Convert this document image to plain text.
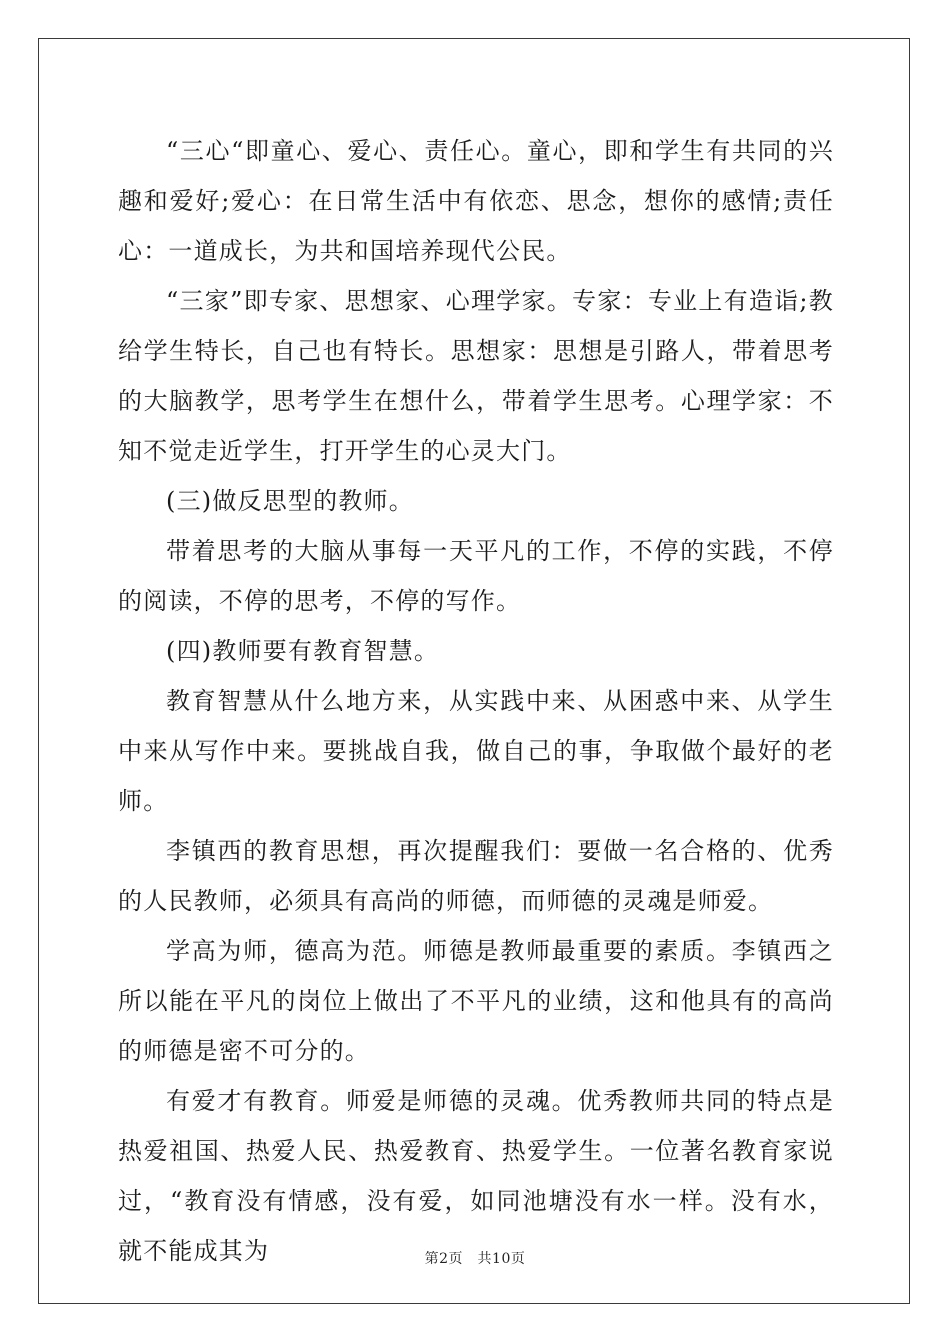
“三心“即童心、爱心、责任心。童心，即和学生有共同的兴趣和爱好;爱心：在日常生活中有依恋、思念，想你的感情;责任心：一道成长，为共和国培养现代公民。

“三家”即专家、思想家、心理学家。专家：专业上有造诣;教给学生特长，自己也有特长。思想家：思想是引路人，带着思考的大脑教学，思考学生在想什么，带着学生思考。心理学家：不知不觉走近学生，打开学生的心灵大门。

(三)做反思型的教师。

带着思考的大脑从事每一天平凡的工作，不停的实践，不停的阅读，不停的思考，不停的写作。

(四)教师要有教育智慧。

教育智慧从什么地方来，从实践中来、从困惑中来、从学生中来从写作中来。要挑战自我，做自己的事，争取做个最好的老师。

李镇西的教育思想，再次提醒我们：要做一名合格的、优秀的人民教师，必须具有高尚的师德，而师德的灵魂是师爱。

学高为师，德高为范。师德是教师最重要的素质。李镇西之所以能在平凡的岗位上做出了不平凡的业绩，这和他具有的高尚的师德是密不可分的。

有爱才有教育。师爱是师德的灵魂。优秀教师共同的特点是热爱祖国、热爱人民、热爱教育、热爱学生。一位著名教育家说过，“教育没有情感，没有爱，如同池塘没有水一样。没有水，就不能成其为	第2页　共10页
